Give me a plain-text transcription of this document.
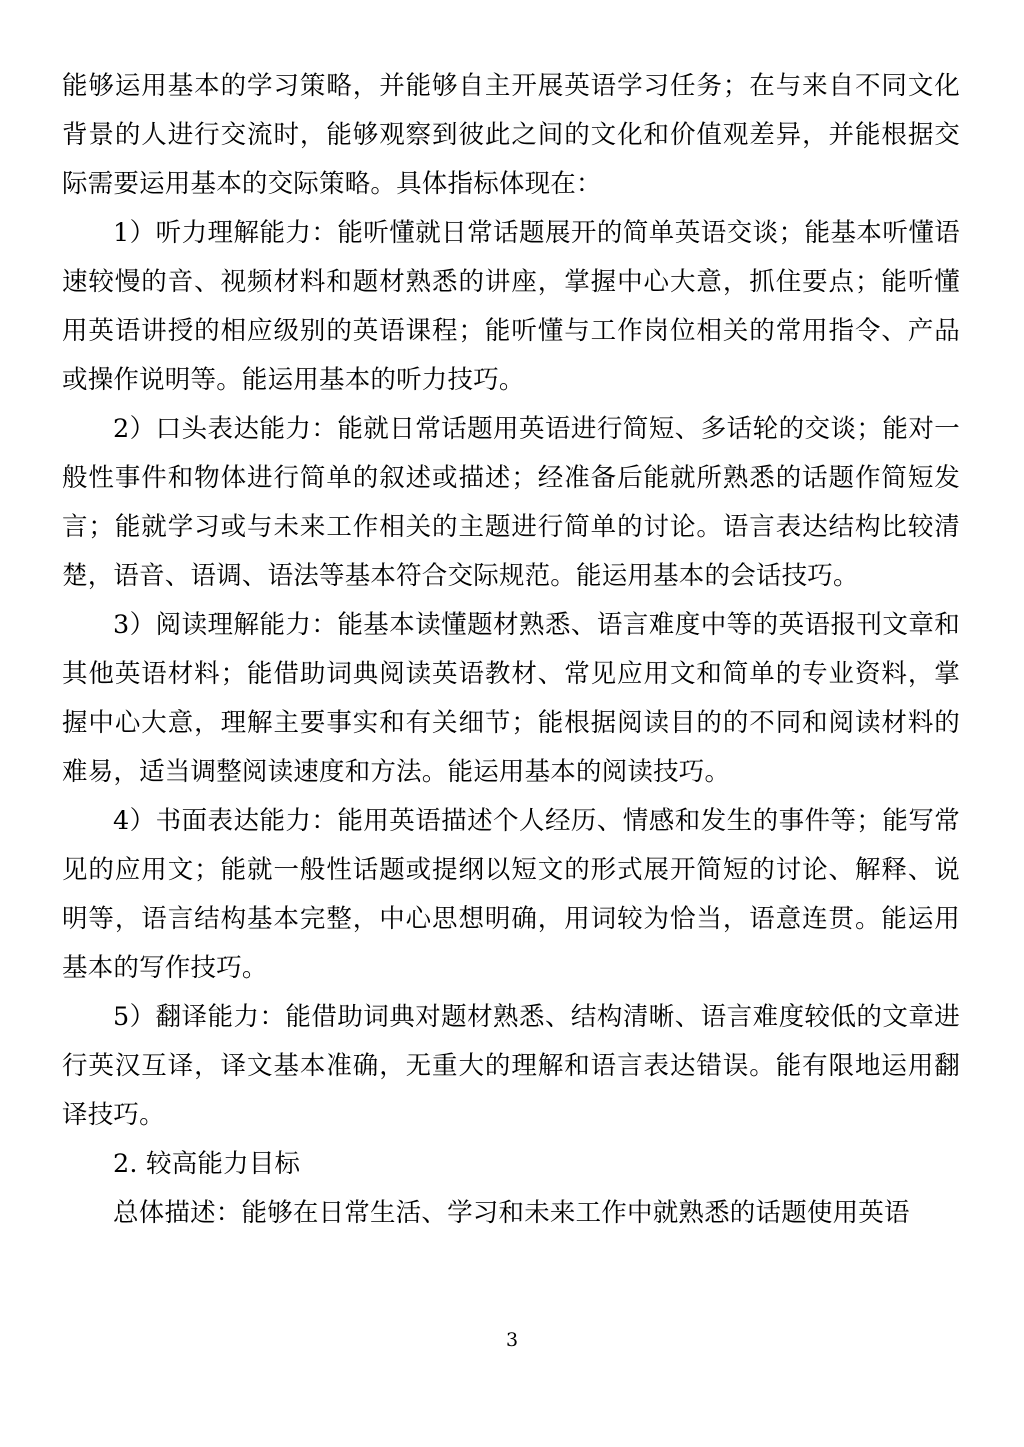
能够运用基本的学习策略，并能够自主开展英语学习任务；在与来自不同文化背景的人进行交流时，能够观察到彼此之间的文化和价值观差异，并能根据交际需要运用基本的交际策略。具体指标体现在：

1）听力理解能力：能听懂就日常话题展开的简单英语交谈；能基本听懂语速较慢的音、视频材料和题材熟悉的讲座，掌握中心大意，抓住要点；能听懂用英语讲授的相应级别的英语课程；能听懂与工作岗位相关的常用指令、产品或操作说明等。能运用基本的听力技巧。

2）口头表达能力：能就日常话题用英语进行简短、多话轮的交谈；能对一般性事件和物体进行简单的叙述或描述；经准备后能就所熟悉的话题作简短发言；能就学习或与未来工作相关的主题进行简单的讨论。语言表达结构比较清楚，语音、语调、语法等基本符合交际规范。能运用基本的会话技巧。

3）阅读理解能力：能基本读懂题材熟悉、语言难度中等的英语报刊文章和其他英语材料；能借助词典阅读英语教材、常见应用文和简单的专业资料，掌握中心大意，理解主要事实和有关细节；能根据阅读目的的不同和阅读材料的难易，适当调整阅读速度和方法。能运用基本的阅读技巧。

4）书面表达能力：能用英语描述个人经历、情感和发生的事件等；能写常见的应用文；能就一般性话题或提纲以短文的形式展开简短的讨论、解释、说明等，语言结构基本完整，中心思想明确，用词较为恰当，语意连贯。能运用基本的写作技巧。

5）翻译能力：能借助词典对题材熟悉、结构清晰、语言难度较低的文章进行英汉互译，译文基本准确，无重大的理解和语言表达错误。能有限地运用翻译技巧。

2. 较高能力目标

总体描述：能够在日常生活、学习和未来工作中就熟悉的话题使用英语

3
